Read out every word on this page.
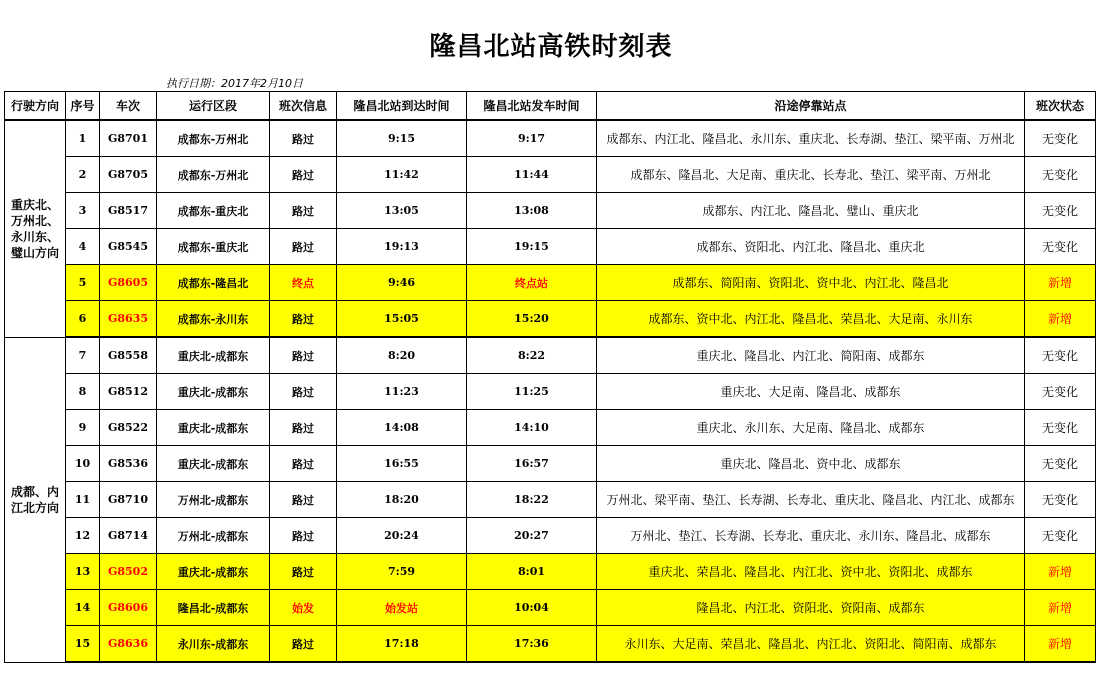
隆昌北站高铁时刻表
执行日期：2017年2月10日
行驶方向	序号	车次	运行区段	班次信息	隆昌北站到达时间	隆昌北站发车时间	沿途停靠站点	班次状态
重庆北、万州北、永川东、璧山方向	1	G8701	成都东-万州北	路过	9:15	9:17	成都东、内江北、隆昌北、永川东、重庆北、长寿湖、垫江、梁平南、万州北	无变化
	2	G8705	成都东-万州北	路过	11:42	11:44	成都东、隆昌北、大足南、重庆北、长寿北、垫江、梁平南、万州北	无变化
	3	G8517	成都东-重庆北	路过	13:05	13:08	成都东、内江北、隆昌北、璧山、重庆北	无变化
	4	G8545	成都东-重庆北	路过	19:13	19:15	成都东、资阳北、内江北、隆昌北、重庆北	无变化
	5	G8605	成都东-隆昌北	终点	9:46	终点站	成都东、简阳南、资阳北、资中北、内江北、隆昌北	新增
	6	G8635	成都东-永川东	路过	15:05	15:20	成都东、资中北、内江北、隆昌北、荣昌北、大足南、永川东	新增
成都、内江北方向	7	G8558	重庆北-成都东	路过	8:20	8:22	重庆北、隆昌北、内江北、简阳南、成都东	无变化
	8	G8512	重庆北-成都东	路过	11:23	11:25	重庆北、大足南、隆昌北、成都东	无变化
	9	G8522	重庆北-成都东	路过	14:08	14:10	重庆北、永川东、大足南、隆昌北、成都东	无变化
	10	G8536	重庆北-成都东	路过	16:55	16:57	重庆北、隆昌北、资中北、成都东	无变化
	11	G8710	万州北-成都东	路过	18:20	18:22	万州北、梁平南、垫江、长寿湖、长寿北、重庆北、隆昌北、内江北、成都东	无变化
	12	G8714	万州北-成都东	路过	20:24	20:27	万州北、垫江、长寿湖、长寿北、重庆北、永川东、隆昌北、成都东	无变化
	13	G8502	重庆北-成都东	路过	7:59	8:01	重庆北、荣昌北、隆昌北、内江北、资中北、资阳北、成都东	新增
	14	G8606	隆昌北-成都东	始发	始发站	10:04	隆昌北、内江北、资阳北、资阳南、成都东	新增
	15	G8636	永川东-成都东	路过	17:18	17:36	永川东、大足南、荣昌北、隆昌北、内江北、资阳北、简阳南、成都东	新增
